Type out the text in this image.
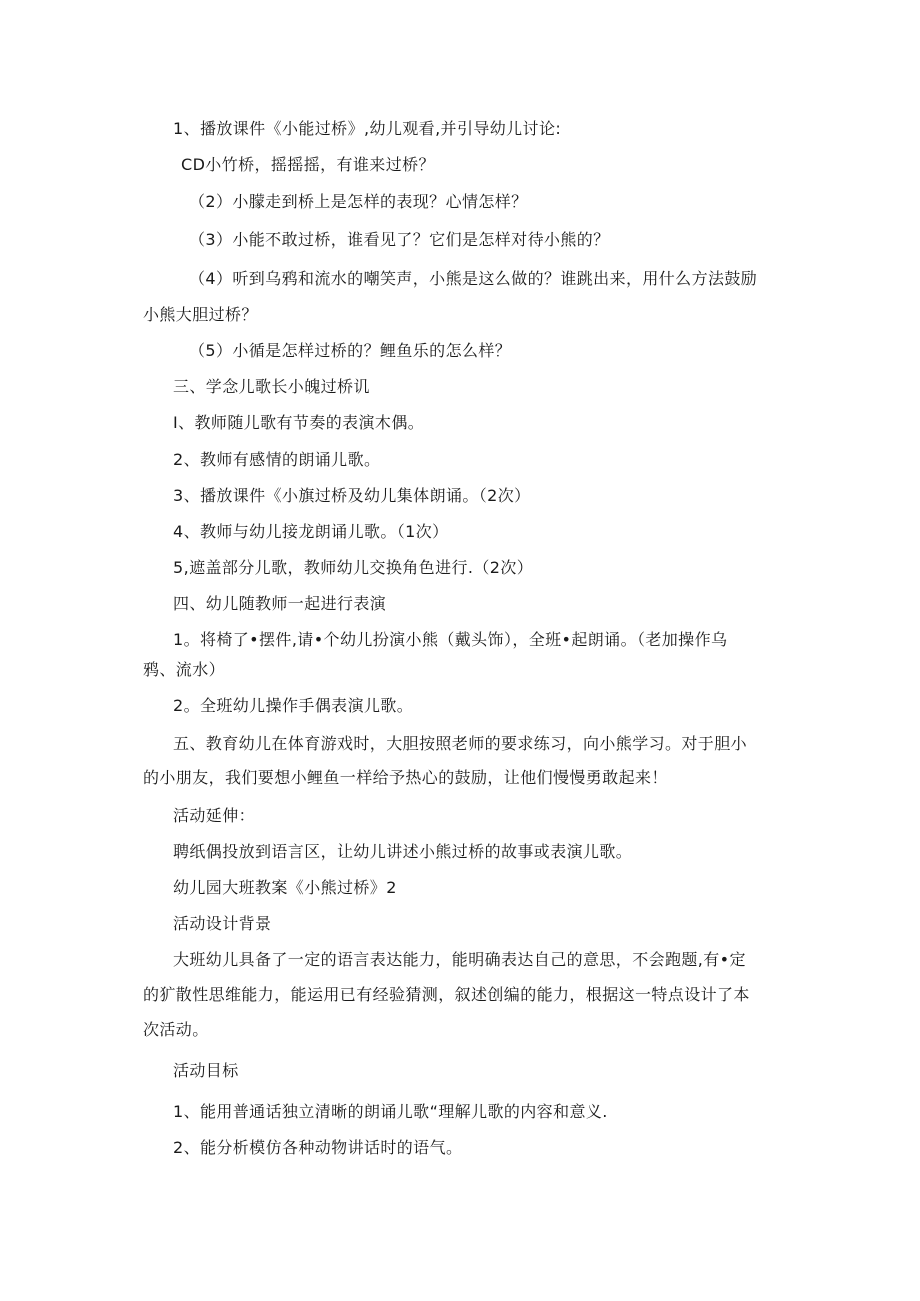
1、播放课件《小能过桥》,幼儿观看,并引导幼儿讨论:
CD小竹桥，摇摇摇，有谁来过桥？
（2）小朦走到桥上是怎样的表现？心情怎样？
（3）小能不敢过桥，谁看见了？它们是怎样对待小熊的？
（4）听到乌鸦和流水的嘲笑声，小熊是这么做的？谁跳出来，用什么方法鼓励
小熊大胆过桥？
（5）小循是怎样过桥的？鲤鱼乐的怎么样？
三、学念儿歌长小魄过桥讥
I、教师随儿歌有节奏的表演木偶。
2、教师有感情的朗诵儿歌。
3、播放课件《小旗过桥及幼儿集体朗诵。（2次）
4、教师与幼儿接龙朗诵儿歌。（1次）
5,遮盖部分儿歌，教师幼儿交换角色进行.（2次）
四、幼儿随教师一起进行表演
1。将椅了•摆件,请•个幼儿扮演小熊（戴头饰），全班•起朗诵。（老加操作乌
鸦、流水）
2。全班幼儿操作手偶表演儿歌。
五、教育幼儿在体育游戏时，大胆按照老师的要求练习，向小熊学习。对于胆小
的小朋友，我们要想小鲤鱼一样给予热心的鼓励，让他们慢慢勇敢起来！
活动延伸：
聘纸偶投放到语言区，让幼儿讲述小熊过桥的故事或表演儿歌。
幼儿园大班教案《小熊过桥》2
活动设计背景
大班幼儿具备了一定的语言表达能力，能明确表达自己的意思，不会跑题,有•定
的犷散性思维能力，能运用已有经验猜测，叙述创编的能力，根据这一特点设计了本
次活动。
活动目标
1、能用普通话独立清晰的朗诵儿歌“理解儿歌的内容和意义.
2、能分析模仿各种动物讲话时的语气。
